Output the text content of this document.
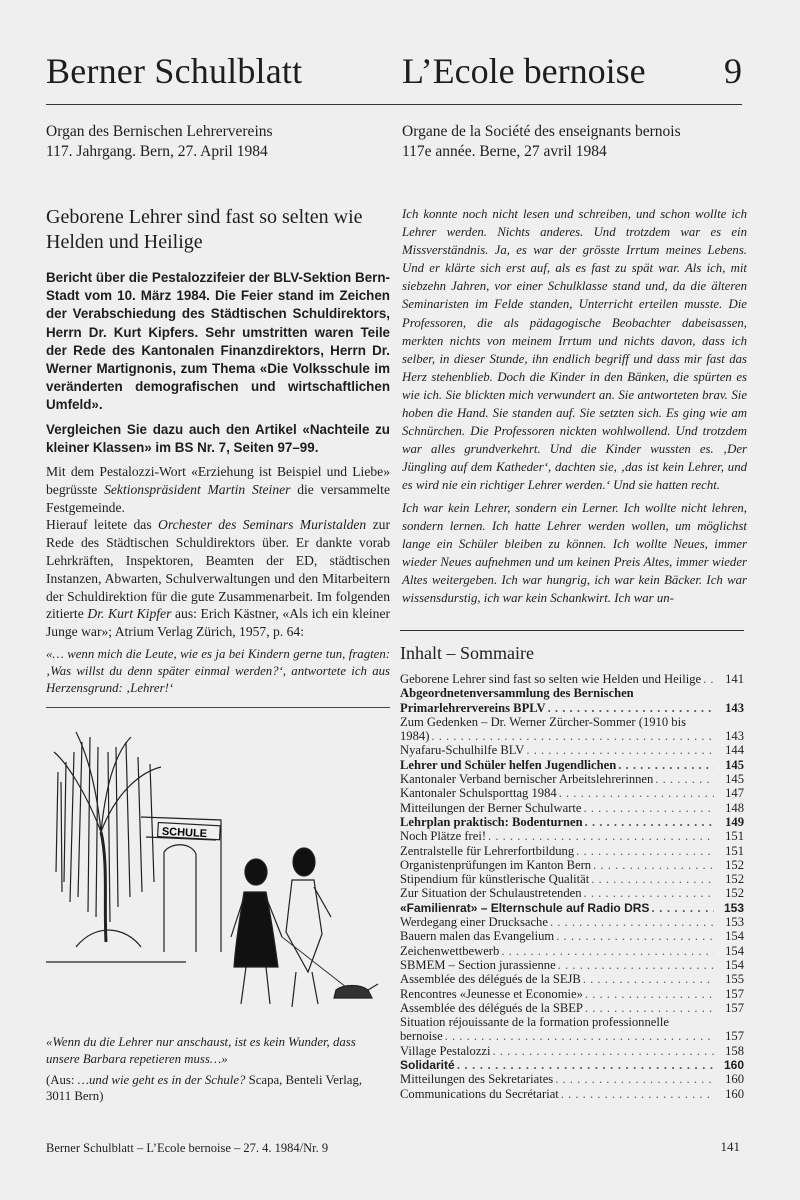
Berner Schulblatt	L’Ecole bernoise 9
Organ des Bernischen Lehrervereins
117. Jahrgang. Bern, 27. April 1984
Organe de la Société des enseignants bernois
117e année. Berne, 27 avril 1984
Geborene Lehrer sind fast so selten wie Helden und Heilige
Bericht über die Pestalozzifeier der BLV-Sektion Bern-Stadt vom 10. März 1984. Die Feier stand im Zeichen der Verabschiedung des Städtischen Schuldirektors, Herrn Dr. Kurt Kipfers. Sehr umstritten waren Teile der Rede des Kantonalen Finanzdirektors, Herrn Dr. Werner Martignonis, zum Thema «Die Volksschule im veränderten demografischen und wirtschaftlichen Umfeld».
Vergleichen Sie dazu auch den Artikel «Nachteile zu kleiner Klassen» im BS Nr. 7, Seiten 97–99.

Mit dem Pestalozzi-Wort «Erziehung ist Beispiel und Liebe» begrüsste Sektionspräsident Martin Steiner die versammelte Festgemeinde.

Hierauf leitete das Orchester des Seminars Muristalden zur Rede des Städtischen Schuldirektors über. Er dankte vorab Lehrkräften, Inspektoren, Beamten der ED, städtischen Instanzen, Abwarten, Schulverwaltungen und den Mitarbeitern der Schuldirektion für die gute Zusammenarbeit. Im folgenden zitierte Dr. Kurt Kipfer aus: Erich Kästner, «Als ich ein kleiner Junge war»; Atrium Verlag Zürich, 1957, p. 64:

«… wenn mich die Leute, wie es ja bei Kindern gerne tun, fragten: ‚Was willst du denn später einmal werden?‘, antwortete ich aus Herzensgrund: ‚Lehrer!‘

SCHULE
«Wenn du die Lehrer nur anschaust, ist es kein Wunder, dass unsere Barbara repetieren muss…»
(Aus: …und wie geht es in der Schule? Scapa, Benteli Verlag, 3011 Bern)

Ich konnte noch nicht lesen und schreiben, und schon wollte ich Lehrer werden. Nichts anderes. Und trotzdem war es ein Missverständnis. Ja, es war der grösste Irrtum meines Lebens. Und er klärte sich erst auf, als es fast zu spät war. Als ich, mit siebzehn Jahren, vor einer Schulklasse stand und, da die älteren Seminaristen im Felde standen, Unterricht erteilen musste. Die Professoren, die als pädagogische Beobachter dabeisassen, merkten nichts von meinem Irrtum und nichts davon, dass ich selber, in dieser Stunde, ihn endlich begriff und dass mir fast das Herz stehenblieb. Doch die Kinder in den Bänken, die spürten es wie ich. Sie blickten mich verwundert an. Sie antworteten brav. Sie hoben die Hand. Sie standen auf. Sie setzten sich. Es ging wie am Schnürchen. Die Professoren nickten wohlwollend. Und trotzdem war alles grundverkehrt. Und die Kinder wussten es. ‚Der Jüngling auf dem Katheder‘, dachten sie, ‚das ist kein Lehrer, und es wird nie ein richtiger Lehrer werden.‘ Und sie hatten recht.

Ich war kein Lehrer, sondern ein Lerner. Ich wollte nicht lehren, sondern lernen. Ich hatte Lehrer werden wollen, um möglichst lange ein Schüler bleiben zu können. Ich wollte Neues, immer wieder Neues aufnehmen und um keinen Preis Altes, immer wieder Altes weitergeben. Ich war hungrig, ich war kein Bäcker. Ich war wissensdurstig, ich war kein Schankwirt. Ich war un-

Inhalt – Sommaire
Geborene Lehrer sind fast so selten wie Helden und Heilige . . .	141
Abgeordnetenversammlung des Bernischen Primarlehrervereins BPLV . . .	143
Zum Gedenken – Dr. Werner Zürcher-Sommer (1910 bis 1984) . . .	143
Nyafaru-Schulhilfe BLV . . .	144
Lehrer und Schüler helfen Jugendlichen . . .	145
Kantonaler Verband bernischer Arbeitslehrerinnen . . .	145
Kantonaler Schulsporttag 1984 . . .	147
Mitteilungen der Berner Schulwarte . . .	148
Lehrplan praktisch: Bodenturnen . . .	149
Noch Plätze frei! . . .	151
Zentralstelle für Lehrerfortbildung . . .	151
Organistenprüfungen im Kanton Bern . . .	152
Stipendium für künstlerische Qualität . . .	152
Zur Situation der Schulaustretenden . . .	152
«Familienrat» – Elternschule auf Radio DRS . . .	153
Werdegang einer Drucksache . . .	153
Bauern malen das Evangelium . . .	154
Zeichenwettbewerb . . .	154
SBMEM – Section jurassienne . . .	154
Assemblée des délégués de la SEJB . . .	155
Rencontres «Jeunesse et Economie» . . .	157
Assemblée des délégués de la SBEP . . .	157
Situation réjouissante de la formation professionnelle bernoise . . .	157
Village Pestalozzi . . .	158
Solidarité . . .	160
Mitteilungen des Sekretariates . . .	160
Communications du Secrétariat . . .	160
Berner Schulblatt – L’Ecole bernoise – 27. 4. 1984/Nr. 9	141
